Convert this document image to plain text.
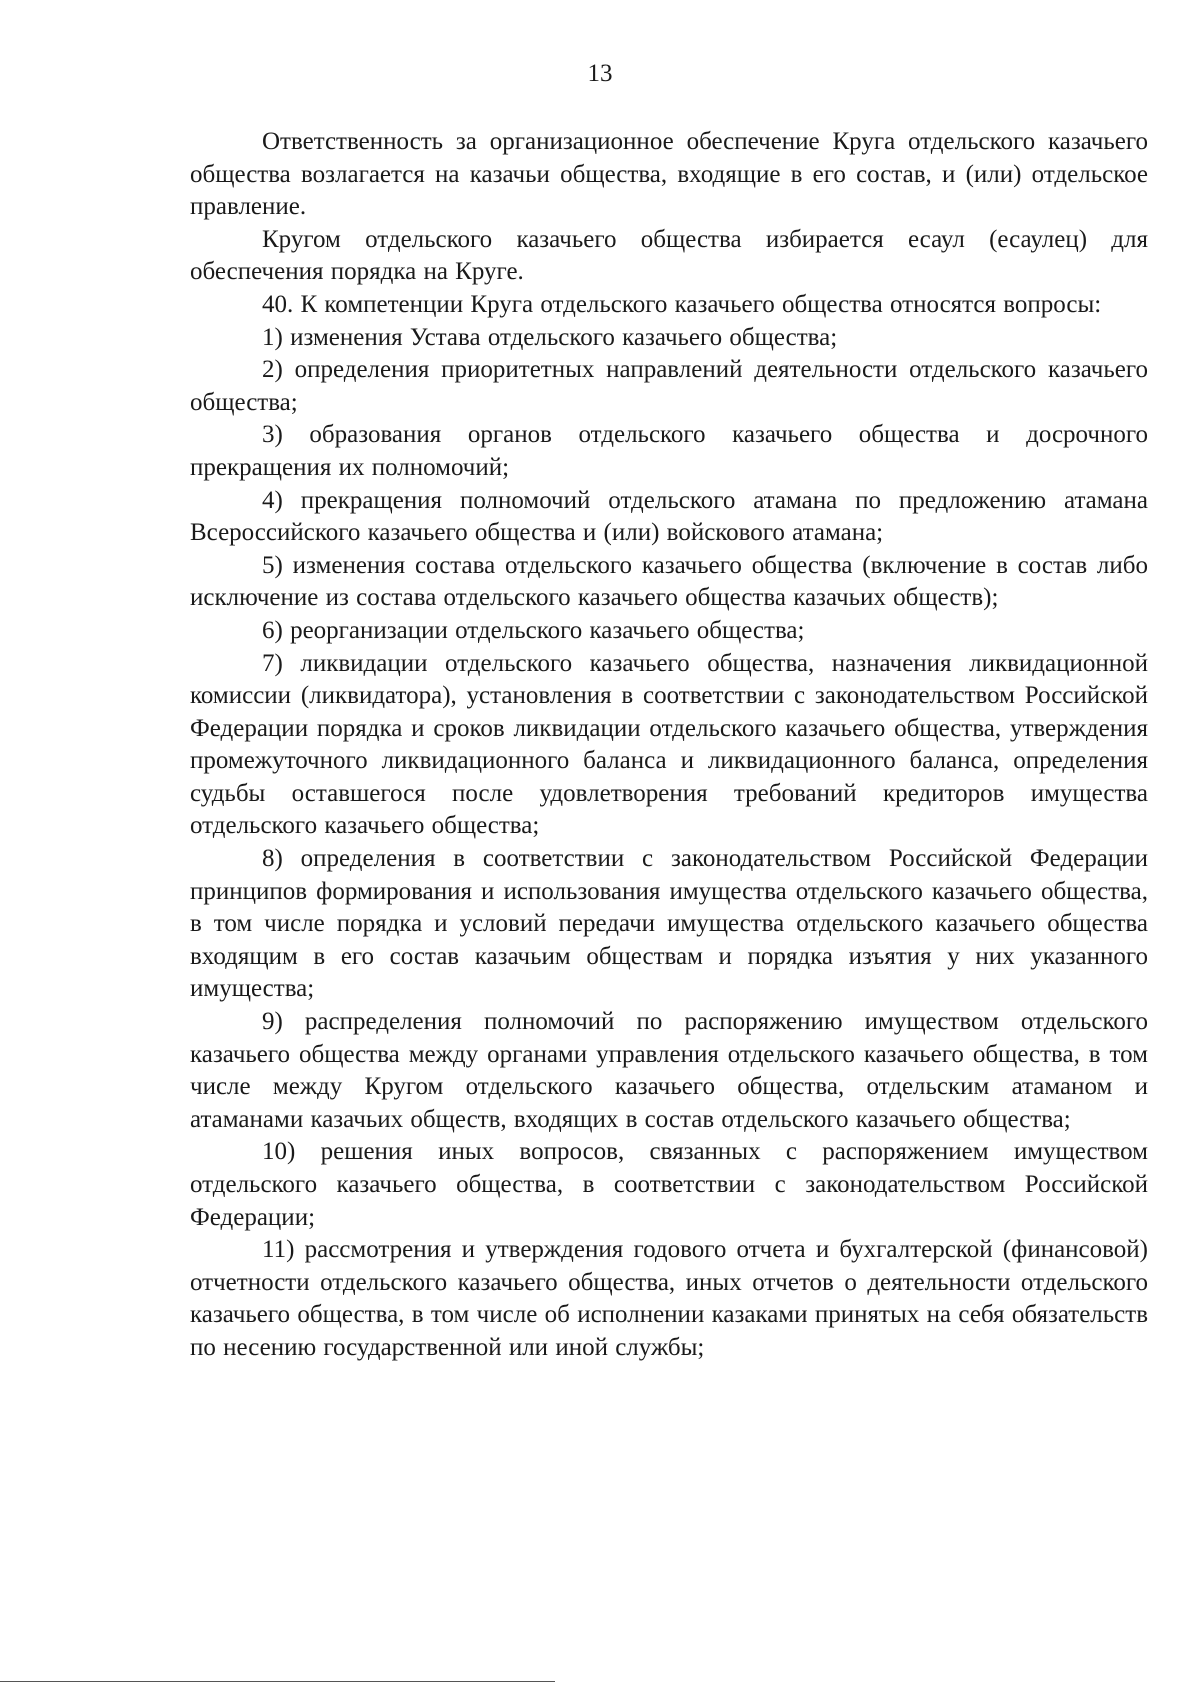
13

Ответственность за организационное обеспечение Круга отдельского казачьего общества возлагается на казачьи общества, входящие в его состав, и (или) отдельское правление.

Кругом отдельского казачьего общества избирается есаул (есаулец) для обеспечения порядка на Круге.

40. К компетенции Круга отдельского казачьего общества относятся вопросы:

1) изменения Устава отдельского казачьего общества;

2) определения приоритетных направлений деятельности отдельского казачьего общества;

3) образования органов отдельского казачьего общества и досрочного прекращения их полномочий;

4) прекращения полномочий отдельского атамана по предложению атамана Всероссийского казачьего общества и (или) войскового атамана;

5) изменения состава отдельского казачьего общества (включение в состав либо исключение из состава отдельского казачьего общества казачьих обществ);

6) реорганизации отдельского казачьего общества;

7) ликвидации отдельского казачьего общества, назначения ликвидационной комиссии (ликвидатора), установления в соответствии с законодательством Российской Федерации порядка и сроков ликвидации отдельского казачьего общества, утверждения промежуточного ликвидационного баланса и ликвидационного баланса, определения судьбы оставшегося после удовлетворения требований кредиторов имущества отдельского казачьего общества;

8) определения в соответствии с законодательством Российской Федерации принципов формирования и использования имущества отдельского казачьего общества, в том числе порядка и условий передачи имущества отдельского казачьего общества входящим в его состав казачьим обществам и порядка изъятия у них указанного имущества;

9) распределения полномочий по распоряжению имуществом отдельского казачьего общества между органами управления отдельского казачьего общества, в том числе между Кругом отдельского казачьего общества, отдельским атаманом и атаманами казачьих обществ, входящих в состав отдельского казачьего общества;

10) решения иных вопросов, связанных с распоряжением имуществом отдельского казачьего общества, в соответствии с законодательством Российской Федерации;

11) рассмотрения и утверждения годового отчета и бухгалтерской (финансовой) отчетности отдельского казачьего общества, иных отчетов о деятельности отдельского казачьего общества, в том числе об исполнении казаками принятых на себя обязательств по несению государственной или иной службы;
